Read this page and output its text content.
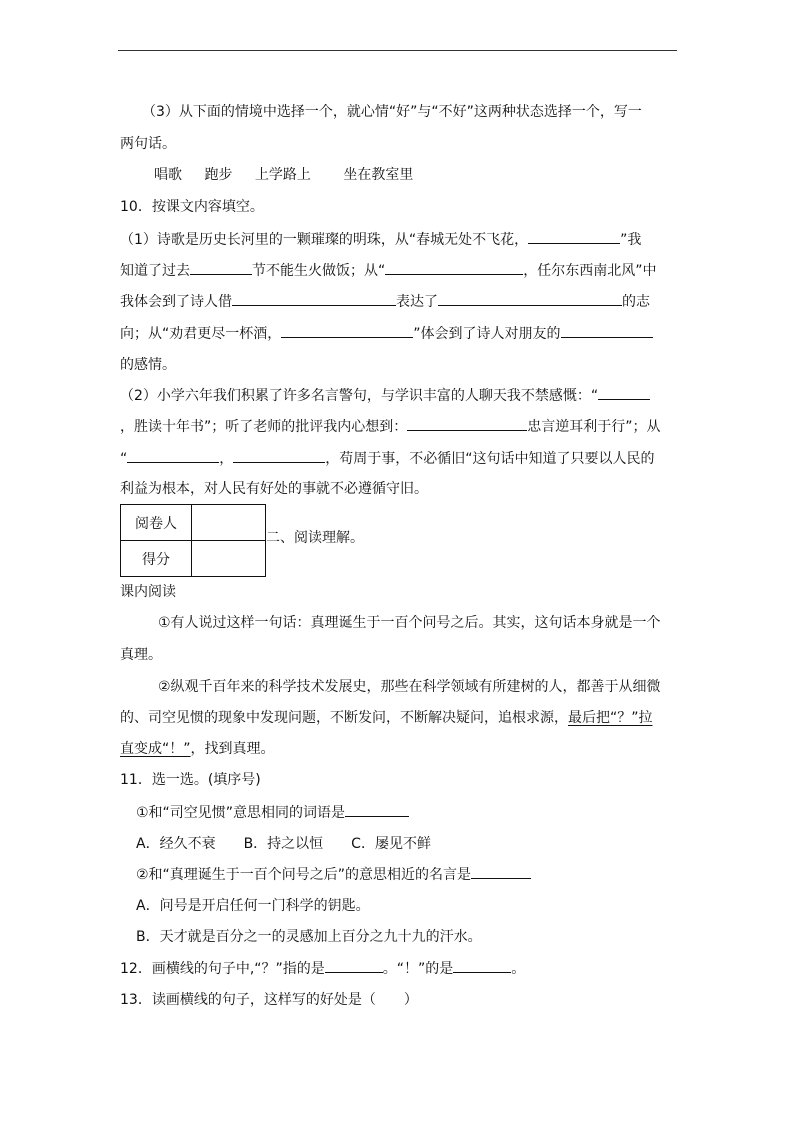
（3）从下面的情境中选择一个，就心情“好”与“不好”这两种状态选择一个，写一
两句话。
唱歌 跑步 上学路上 坐在教室里
10．按课文内容填空。
（1）诗歌是历史长河里的一颗璀璨的明珠，从“春城无处不飞花，	”我
知道了过去	节不能生火做饭；从“	，任尔东西南北风”中
我体会到了诗人借	表达了	的志
向；从“劝君更尽一杯酒，	”体会到了诗人对朋友的
的感情。
（2）小学六年我们积累了许多名言警句，与学识丰富的人聊天我不禁感慨：“
，胜读十年书”；听了老师的批评我内心想到：	忠言逆耳利于行”；从
“	，	，苟周于事，不必循旧“这句话中知道了只要以人民的
利益为根本，对人民有好处的事就不必遵循守旧。
阅卷人	
得分	
二、阅读理解。
课内阅读
①有人说过这样一句话：真理诞生于一百个问号之后。其实，这句话本身就是一个
真理。
②纵观千百年来的科学技术发展史，那些在科学领域有所建树的人，都善于从细微
的、司空见惯的现象中发现问题，不断发问，不断解决疑问，追根求源，最后把“？”拉
直变成“！”，找到真理。
11．选一选。(填序号)
①和“司空见惯”意思相同的词语是
A．经久不衰　　B．持之以恒　　C．屡见不鲜
②和“真理诞生于一百个问号之后”的意思相近的名言是
A．问号是开启任何一门科学的钥匙。
B．天才就是百分之一的灵感加上百分之九十九的汗水。
12．画横线的句子中,“？”指的是	。“！”的是	。
13．读画横线的句子，这样写的好处是（　　）
